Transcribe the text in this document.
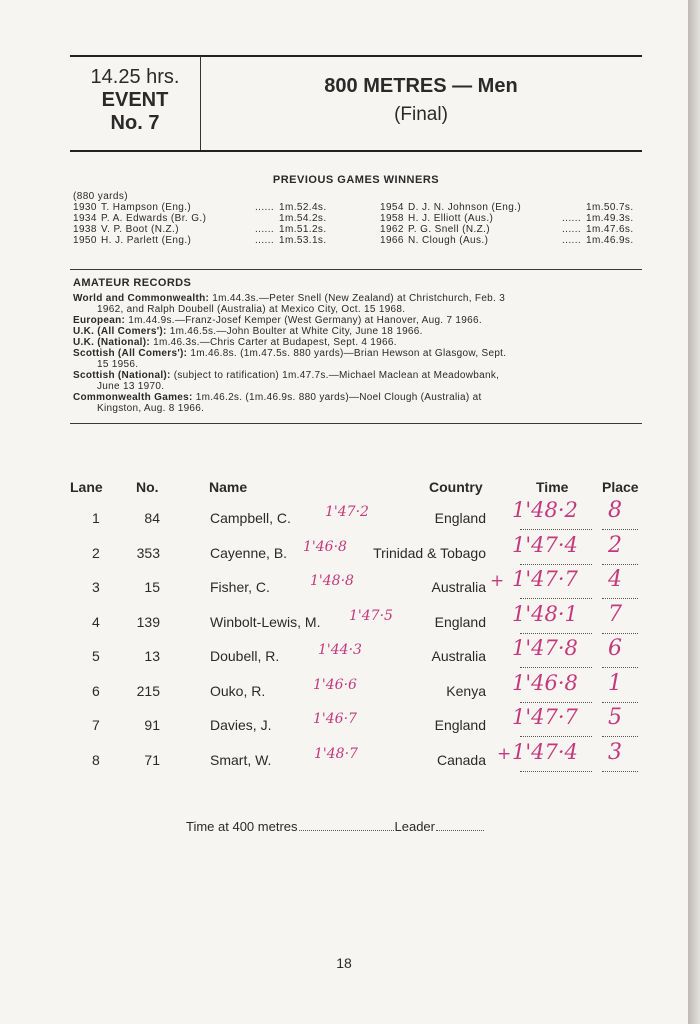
14.25 hrs.
EVENT
No. 7
800 METRES — Men
(Final)
PREVIOUS GAMES WINNERS
(880 yards)
1930 T. Hampson (Eng.)	...... 1m.52.4s.	1954 D. J. N. Johnson (Eng.)	1m.50.7s.
1934 P. A. Edwards (Br. G.)	1m.54.2s.	1958 H. J. Elliott (Aus.)	...... 1m.49.3s.
1938 V. P. Boot (N.Z.)	...... 1m.51.2s.	1962 P. G. Snell (N.Z.)	...... 1m.47.6s.
1950 H. J. Parlett (Eng.)	...... 1m.53.1s.	1966 N. Clough (Aus.)	...... 1m.46.9s.
AMATEUR RECORDS
World and Commonwealth: 1m.44.3s.—Peter Snell (New Zealand) at Christchurch, Feb. 3
1962, and Ralph Doubell (Australia) at Mexico City, Oct. 15 1968.
European: 1m.44.9s.—Franz-Josef Kemper (West Germany) at Hanover, Aug. 7 1966.
U.K. (All Comers'): 1m.46.5s.—John Boulter at White City, June 18 1966.
U.K. (National): 1m.46.3s.—Chris Carter at Budapest, Sept. 4 1966.
Scottish (All Comers'): 1m.46.8s. (1m.47.5s. 880 yards)—Brian Hewson at Glasgow, Sept.
15 1956.
Scottish (National): (subject to ratification) 1m.47.7s.—Michael Maclean at Meadowbank,
June 13 1970.
Commonwealth Games: 1m.46.2s. (1m.46.9s. 880 yards)—Noel Clough (Australia) at
Kingston, Aug. 8 1966.
Lane No.	Name	Country	Time Place
1	84	Campbell, C. 1'47·2	England 1'48·2 8
2	353	Cayenne, B. 1'46·8	Trinidad & Tobago 1'47·4 2
3	15	Fisher, C.	1'48·8	Australia + 1'47·7 4
4	139	Winbolt-Lewis, M. 1'47·5	England 1'48·1 7
5	13	Doubell, R.	1'44·3	Australia 1'47·8 6
6	215	Ouko, R.	1'46·6	Kenya 1'46·8 1
7	91	Davies, J.	1'46·7	England 1'47·7 5
8	71	Smart, W.	1'48·7	Canada + 1'47·4 3
Time at 400 metres	Leader
18
